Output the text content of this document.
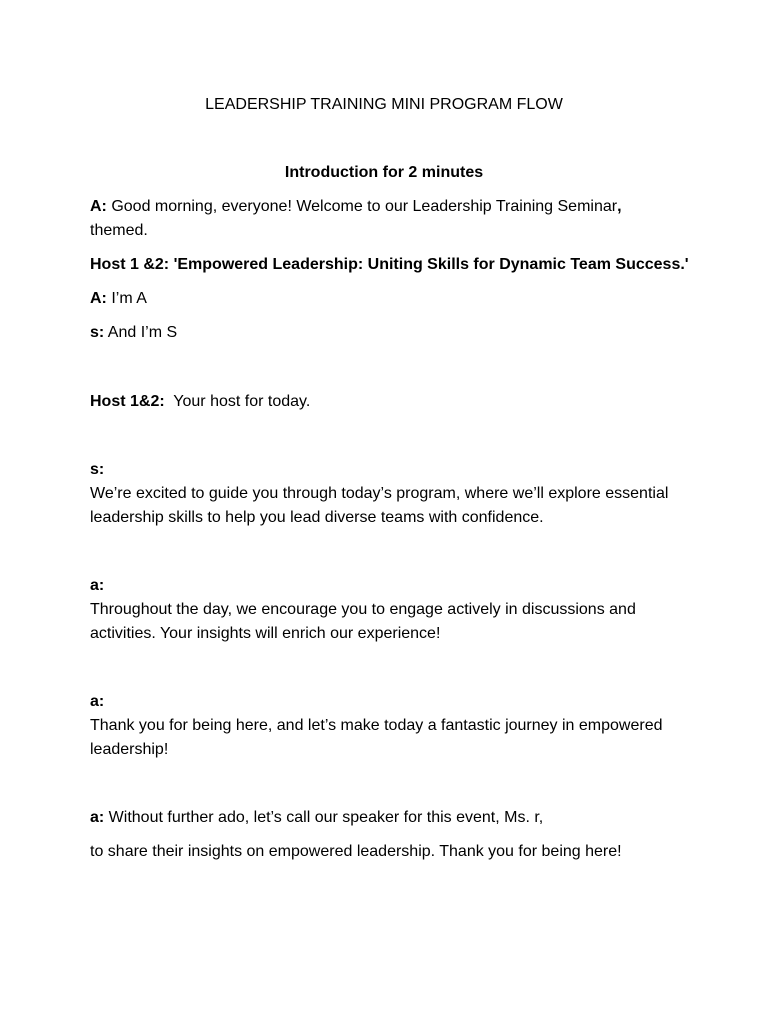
LEADERSHIP TRAINING MINI PROGRAM FLOW
Introduction for 2 minutes
A: Good morning, everyone! Welcome to our Leadership Training Seminar,
themed.
Host 1 &2: 'Empowered Leadership: Uniting Skills for Dynamic Team Success.'
A: I’m A
s: And I’m S
Host 1&2:  Your host for today.
s:
We’re excited to guide you through today’s program, where we’ll explore essential
leadership skills to help you lead diverse teams with confidence.
a:
Throughout the day, we encourage you to engage actively in discussions and
activities. Your insights will enrich our experience!
a:
Thank you for being here, and let’s make today a fantastic journey in empowered
leadership!
a: Without further ado, let’s call our speaker for this event, Ms. r,
to share their insights on empowered leadership. Thank you for being here!
